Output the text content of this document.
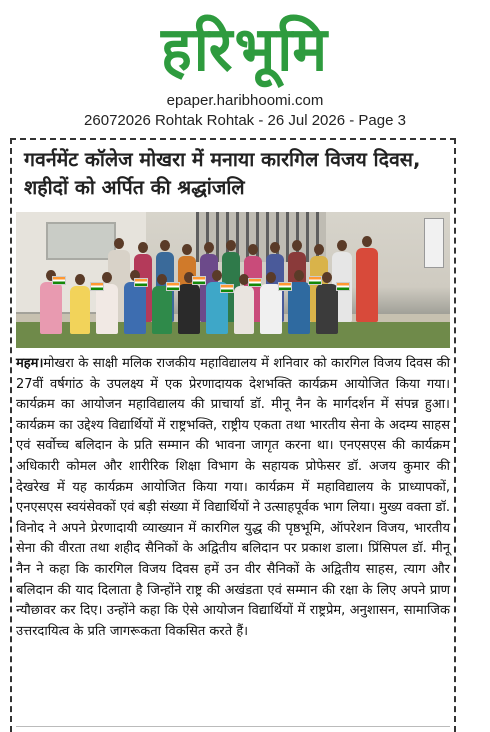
हरिभूमि
epaper.haribhoomi.com
26072026 Rohtak Rohtak - 26 Jul 2026 - Page 3
गवर्नमेंट कॉलेज मोखरा में मनाया कारगिल विजय दिवस, शहीदों को अर्पित की श्रद्धांजलि

महम।मोखरा के साक्षी मलिक राजकीय महाविद्यालय में शनिवार को कारगिल विजय दिवस की 27वीं वर्षगांठ के उपलक्ष्य में एक प्रेरणादायक देशभक्ति कार्यक्रम आयोजित किया गया। कार्यक्रम का आयोजन महाविद्यालय की प्राचार्या डॉ. मीनू नैन के मार्गदर्शन में संपन्न हुआ। कार्यक्रम का उद्देश्य विद्यार्थियों में राष्ट्रभक्ति, राष्ट्रीय एकता तथा भारतीय सेना के अदम्य साहस एवं सर्वोच्च बलिदान के प्रति सम्मान की भावना जागृत करना था। एनएसएस की कार्यक्रम अधिकारी कोमल और शारीरिक शिक्षा विभाग के सहायक प्रोफेसर डॉ. अजय कुमार की देखरेख में यह कार्यक्रम आयोजित किया गया। कार्यक्रम में महाविद्यालय के प्राध्यापकों, एनएसएस स्वयंसेवकों एवं बड़ी संख्या में विद्यार्थियों ने उत्साहपूर्वक भाग लिया। मुख्य वक्ता डॉ. विनोद ने अपने प्रेरणादायी व्याख्यान में कारगिल युद्ध की पृष्ठभूमि, ऑपरेशन विजय, भारतीय सेना की वीरता तथा शहीद सैनिकों के अद्वितीय बलिदान पर प्रकाश डाला। प्रिंसिपल डॉ. मीनू नैन ने कहा कि कारगिल विजय दिवस हमें उन वीर सैनिकों के अद्वितीय साहस, त्याग और बलिदान की याद दिलाता है जिन्होंने राष्ट्र की अखंडता एवं सम्मान की रक्षा के लिए अपने प्राण न्यौछावर कर दिए। उन्होंने कहा कि ऐसे आयोजन विद्यार्थियों में राष्ट्रप्रेम, अनुशासन, सामाजिक उत्तरदायित्व के प्रति जागरूकता विकसित करते हैं।
